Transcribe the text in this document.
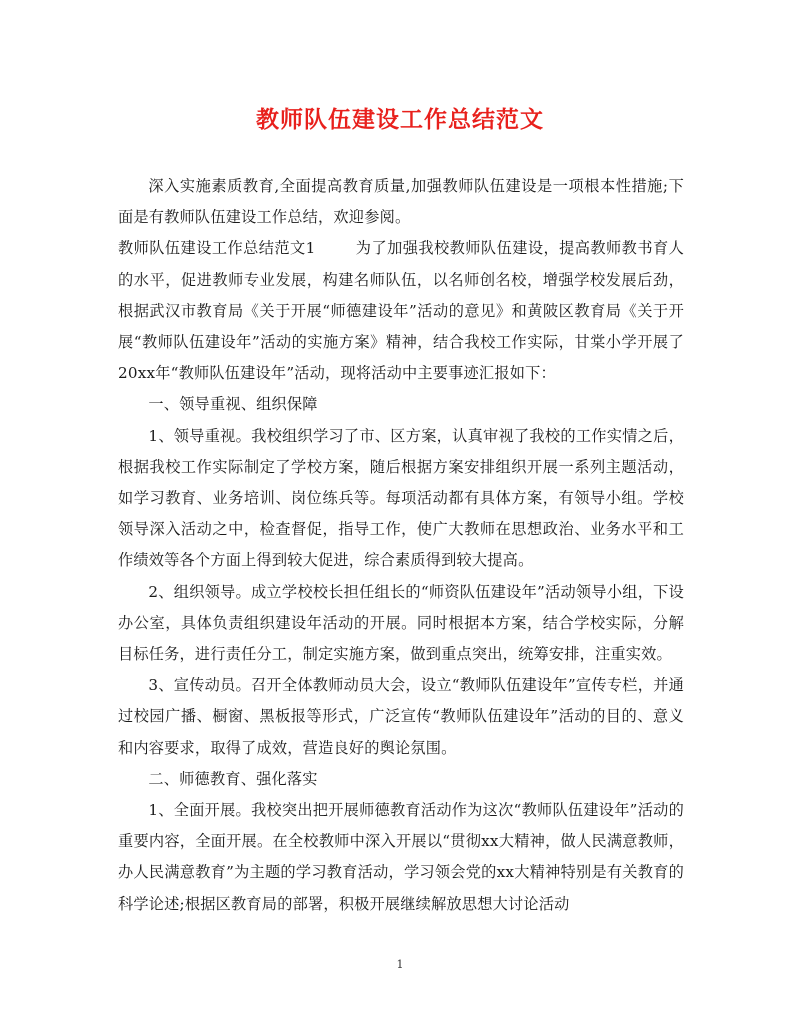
教师队伍建设工作总结范文

深入实施素质教育,全面提高教育质量,加强教师队伍建设是一项根本性措施;下面是有教师队伍建设工作总结，欢迎参阅。

教师队伍建设工作总结范文1	为了加强我校教师队伍建设，提高教师教书育人的水平，促进教师专业发展，构建名师队伍，以名师创名校，增强学校发展后劲，根据武汉市教育局《关于开展“师德建设年”活动的意见》和黄陂区教育局《关于开展“教师队伍建设年”活动的实施方案》精神，结合我校工作实际，甘棠小学开展了20xx年“教师队伍建设年”活动，现将活动中主要事迹汇报如下：

一、领导重视、组织保障

1、领导重视。我校组织学习了市、区方案，认真审视了我校的工作实情之后，根据我校工作实际制定了学校方案，随后根据方案安排组织开展一系列主题活动，如学习教育、业务培训、岗位练兵等。每项活动都有具体方案，有领导小组。学校领导深入活动之中，检查督促，指导工作，使广大教师在思想政治、业务水平和工作绩效等各个方面上得到较大促进，综合素质得到较大提高。

2、组织领导。成立学校校长担任组长的“师资队伍建设年”活动领导小组，下设办公室，具体负责组织建设年活动的开展。同时根据本方案，结合学校实际，分解目标任务，进行责任分工，制定实施方案，做到重点突出，统筹安排，注重实效。

3、宣传动员。召开全体教师动员大会，设立“教师队伍建设年”宣传专栏，并通过校园广播、橱窗、黑板报等形式，广泛宣传“教师队伍建设年”活动的目的、意义和内容要求，取得了成效，营造良好的舆论氛围。

二、师德教育、强化落实

1、全面开展。我校突出把开展师德教育活动作为这次“教师队伍建设年”活动的重要内容，全面开展。在全校教师中深入开展以“贯彻xx大精神，做人民满意教师，办人民满意教育”为主题的学习教育活动，学习领会党的xx大精神特别是有关教育的科学论述;根据区教育局的部署，积极开展继续解放思想大讨论活动

1
